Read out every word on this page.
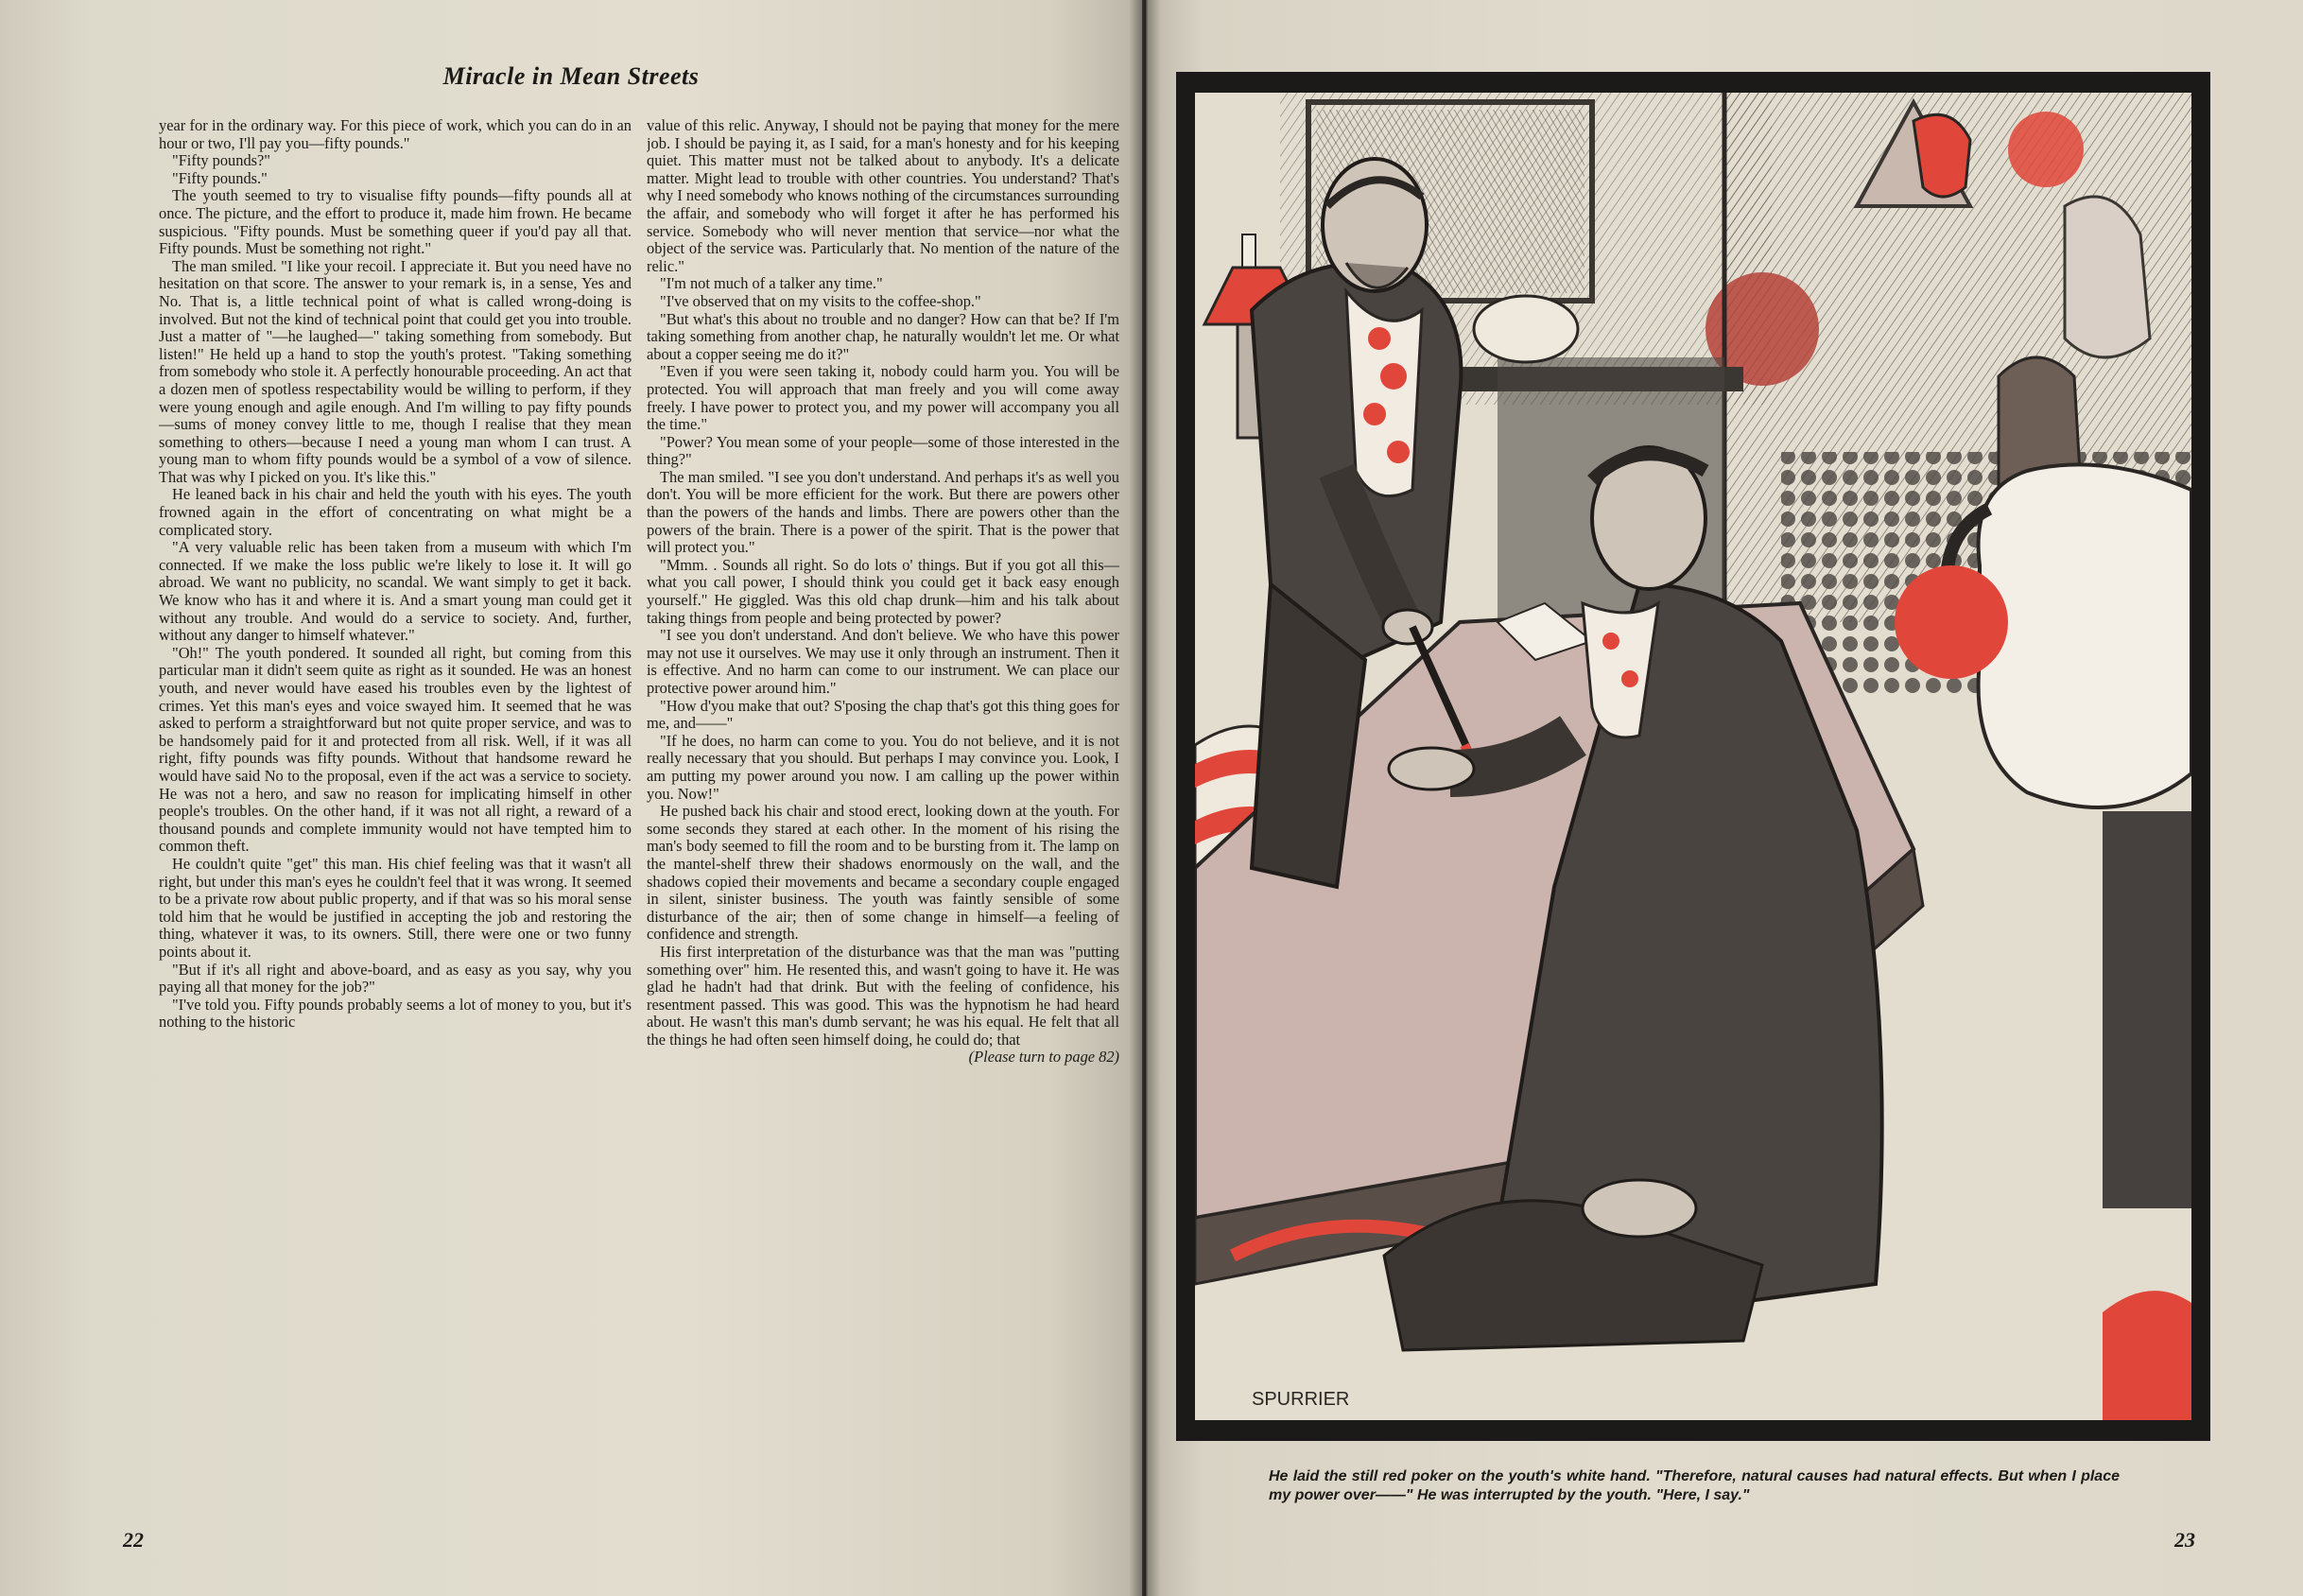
Miracle in Mean Streets

year for in the ordinary way. For this piece of work, which you can do in an hour or two, I'll pay you—fifty pounds."

"Fifty pounds?"

"Fifty pounds."

The youth seemed to try to visualise fifty pounds—fifty pounds all at once. The picture, and the effort to produce it, made him frown. He became suspicious. "Fifty pounds. Must be something queer if you'd pay all that. Fifty pounds. Must be something not right."

The man smiled. "I like your recoil. I appreciate it. But you need have no hesitation on that score. The answer to your remark is, in a sense, Yes and No. That is, a little technical point of what is called wrong-doing is involved. But not the kind of technical point that could get you into trouble. Just a matter of "—he laughed—" taking something from somebody. But listen!" He held up a hand to stop the youth's protest. "Taking something from somebody who stole it. A perfectly honourable proceeding. An act that a dozen men of spotless respectability would be willing to perform, if they were young enough and agile enough. And I'm willing to pay fifty pounds—sums of money convey little to me, though I realise that they mean something to others—because I need a young man whom I can trust. A young man to whom fifty pounds would be a symbol of a vow of silence. That was why I picked on you. It's like this."

He leaned back in his chair and held the youth with his eyes. The youth frowned again in the effort of concentrating on what might be a complicated story.

"A very valuable relic has been taken from a museum with which I'm connected. If we make the loss public we're likely to lose it. It will go abroad. We want no publicity, no scandal. We want simply to get it back. We know who has it and where it is. And a smart young man could get it without any trouble. And would do a service to society. And, further, without any danger to himself whatever."

"Oh!" The youth pondered. It sounded all right, but coming from this particular man it didn't seem quite as right as it sounded. He was an honest youth, and never would have eased his troubles even by the lightest of crimes. Yet this man's eyes and voice swayed him. It seemed that he was asked to perform a straightforward but not quite proper service, and was to be handsomely paid for it and protected from all risk. Well, if it was all right, fifty pounds was fifty pounds. Without that handsome reward he would have said No to the proposal, even if the act was a service to society. He was not a hero, and saw no reason for implicating himself in other people's troubles. On the other hand, if it was not all right, a reward of a thousand pounds and complete immunity would not have tempted him to common theft.

He couldn't quite "get" this man. His chief feeling was that it wasn't all right, but under this man's eyes he couldn't feel that it was wrong. It seemed to be a private row about public property, and if that was so his moral sense told him that he would be justified in accepting the job and restoring the thing, whatever it was, to its owners. Still, there were one or two funny points about it.

"But if it's all right and above-board, and as easy as you say, why you paying all that money for the job?"

"I've told you. Fifty pounds probably seems a lot of money to you, but it's nothing to the historic

value of this relic. Anyway, I should not be paying that money for the mere job. I should be paying it, as I said, for a man's honesty and for his keeping quiet. This matter must not be talked about to anybody. It's a delicate matter. Might lead to trouble with other countries. You understand? That's why I need somebody who knows nothing of the circumstances surrounding the affair, and somebody who will forget it after he has performed his service. Somebody who will never mention that service—nor what the object of the service was. Particularly that. No mention of the nature of the relic."

"I'm not much of a talker any time."

"I've observed that on my visits to the coffee-shop."

"But what's this about no trouble and no danger? How can that be? If I'm taking something from another chap, he naturally wouldn't let me. Or what about a copper seeing me do it?"

"Even if you were seen taking it, nobody could harm you. You will be protected. You will approach that man freely and you will come away freely. I have power to protect you, and my power will accompany you all the time."

"Power? You mean some of your people—some of those interested in the thing?"

The man smiled. "I see you don't understand. And perhaps it's as well you don't. You will be more efficient for the work. But there are powers other than the powers of the hands and limbs. There are powers other than the powers of the brain. There is a power of the spirit. That is the power that will protect you."

"Mmm. . Sounds all right. So do lots o' things. But if you got all this—what you call power, I should think you could get it back easy enough yourself." He giggled. Was this old chap drunk—him and his talk about taking things from people and being protected by power?

"I see you don't understand. And don't believe. We who have this power may not use it ourselves. We may use it only through an instrument. Then it is effective. And no harm can come to our instrument. We can place our protective power around him."

"How d'you make that out? S'posing the chap that's got this thing goes for me, and——"

"If he does, no harm can come to you. You do not believe, and it is not really necessary that you should. But perhaps I may convince you. Look, I am putting my power around you now. I am calling up the power within you. Now!"

He pushed back his chair and stood erect, looking down at the youth. For some seconds they stared at each other. In the moment of his rising the man's body seemed to fill the room and to be bursting from it. The lamp on the mantel-shelf threw their shadows enormously on the wall, and the shadows copied their movements and became a secondary couple engaged in silent, sinister business. The youth was faintly sensible of some disturbance of the air; then of some change in himself—a feeling of confidence and strength.

His first interpretation of the disturbance was that the man was "putting something over" him. He resented this, and wasn't going to have it. He was glad he hadn't had that drink. But with the feeling of confidence, his resentment passed. This was good. This was the hypnotism he had heard about. He wasn't this man's dumb servant; he was his equal. He felt that all the things he had often seen himself doing, he could do; that
(Please turn to page 82)

22
SPURRIER
He laid the still red poker on the youth's white hand. "Therefore, natural causes had natural effects. But when I place my power over——" He was interrupted by the youth. "Here, I say."
23
